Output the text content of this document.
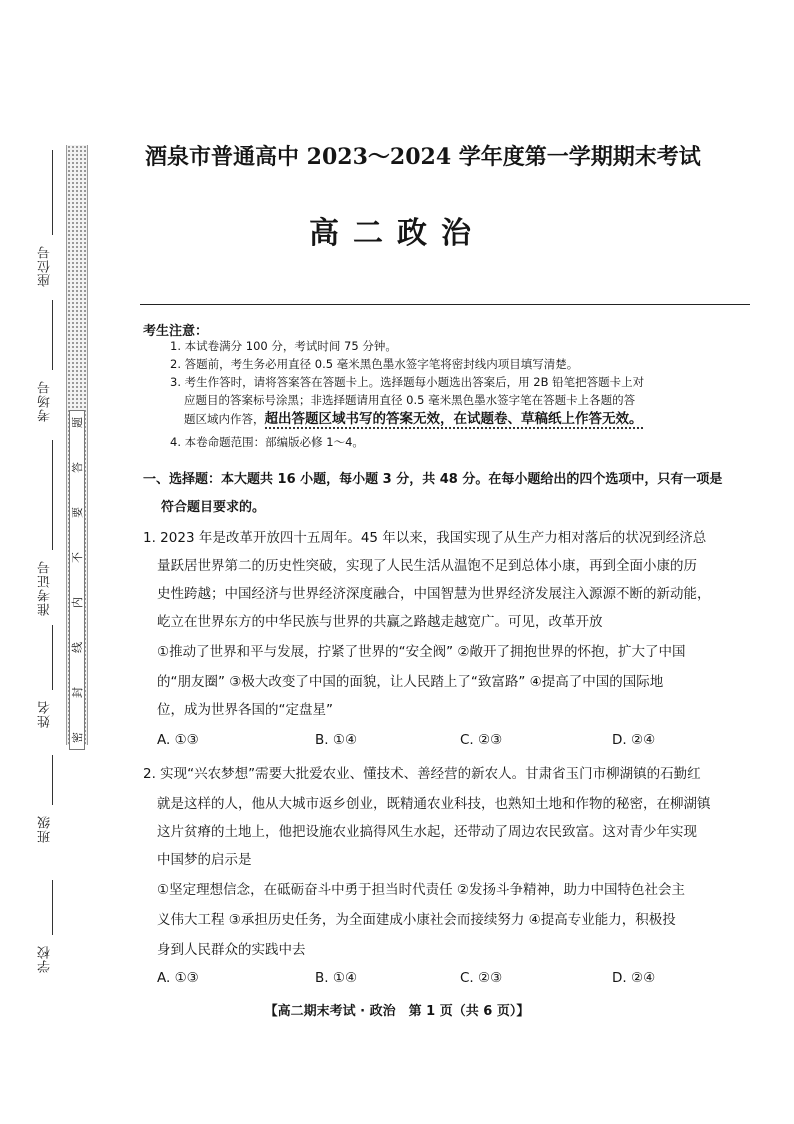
座位号
考场号
准考证号
姓名
班级
学校
题
答
要
不
内
线
封
密
酒泉市普通高中 2023～2024 学年度第一学期期末考试
高二政治
考生注意：
1. 本试卷满分 100 分，考试时间 75 分钟。
2. 答题前，考生务必用直径 0.5 毫米黑色墨水签字笔将密封线内项目填写清楚。
3. 考生作答时，请将答案答在答题卡上。选择题每小题选出答案后，用 2B 铅笔把答题卡上对
应题目的答案标号涂黑；非选择题请用直径 0.5 毫米黑色墨水签字笔在答题卡上各题的答
题区域内作答，超出答题区域书写的答案无效，在试题卷、草稿纸上作答无效。
4. 本卷命题范围：部编版必修 1～4。
一、选择题：本大题共 16 小题，每小题 3 分，共 48 分。在每小题给出的四个选项中，只有一项是
符合题目要求的。
1. 2023 年是改革开放四十五周年。45 年以来，我国实现了从生产力相对落后的状况到经济总
量跃居世界第二的历史性突破，实现了人民生活从温饱不足到总体小康，再到全面小康的历
史性跨越；中国经济与世界经济深度融合，中国智慧为世界经济发展注入源源不断的新动能，
屹立在世界东方的中华民族与世界的共赢之路越走越宽广。可见，改革开放
①推动了世界和平与发展，拧紧了世界的“安全阀” ②敞开了拥抱世界的怀抱，扩大了中国
的“朋友圈” ③极大改变了中国的面貌，让人民踏上了“致富路” ④提高了中国的国际地
位，成为世界各国的“定盘星”
A. ①③	B. ①④	C. ②③	D. ②④
2. 实现“兴农梦想”需要大批爱农业、懂技术、善经营的新农人。甘肃省玉门市柳湖镇的石勤红
就是这样的人，他从大城市返乡创业，既精通农业科技，也熟知土地和作物的秘密，在柳湖镇
这片贫瘠的土地上，他把设施农业搞得风生水起，还带动了周边农民致富。这对青少年实现
中国梦的启示是
①坚定理想信念，在砥砺奋斗中勇于担当时代责任 ②发扬斗争精神，助力中国特色社会主
义伟大工程 ③承担历史任务，为全面建成小康社会而接续努力 ④提高专业能力，积极投
身到人民群众的实践中去
A. ①③	B. ①④	C. ②③	D. ②④
【高二期末考试 · 政治　第 1 页（共 6 页）】
